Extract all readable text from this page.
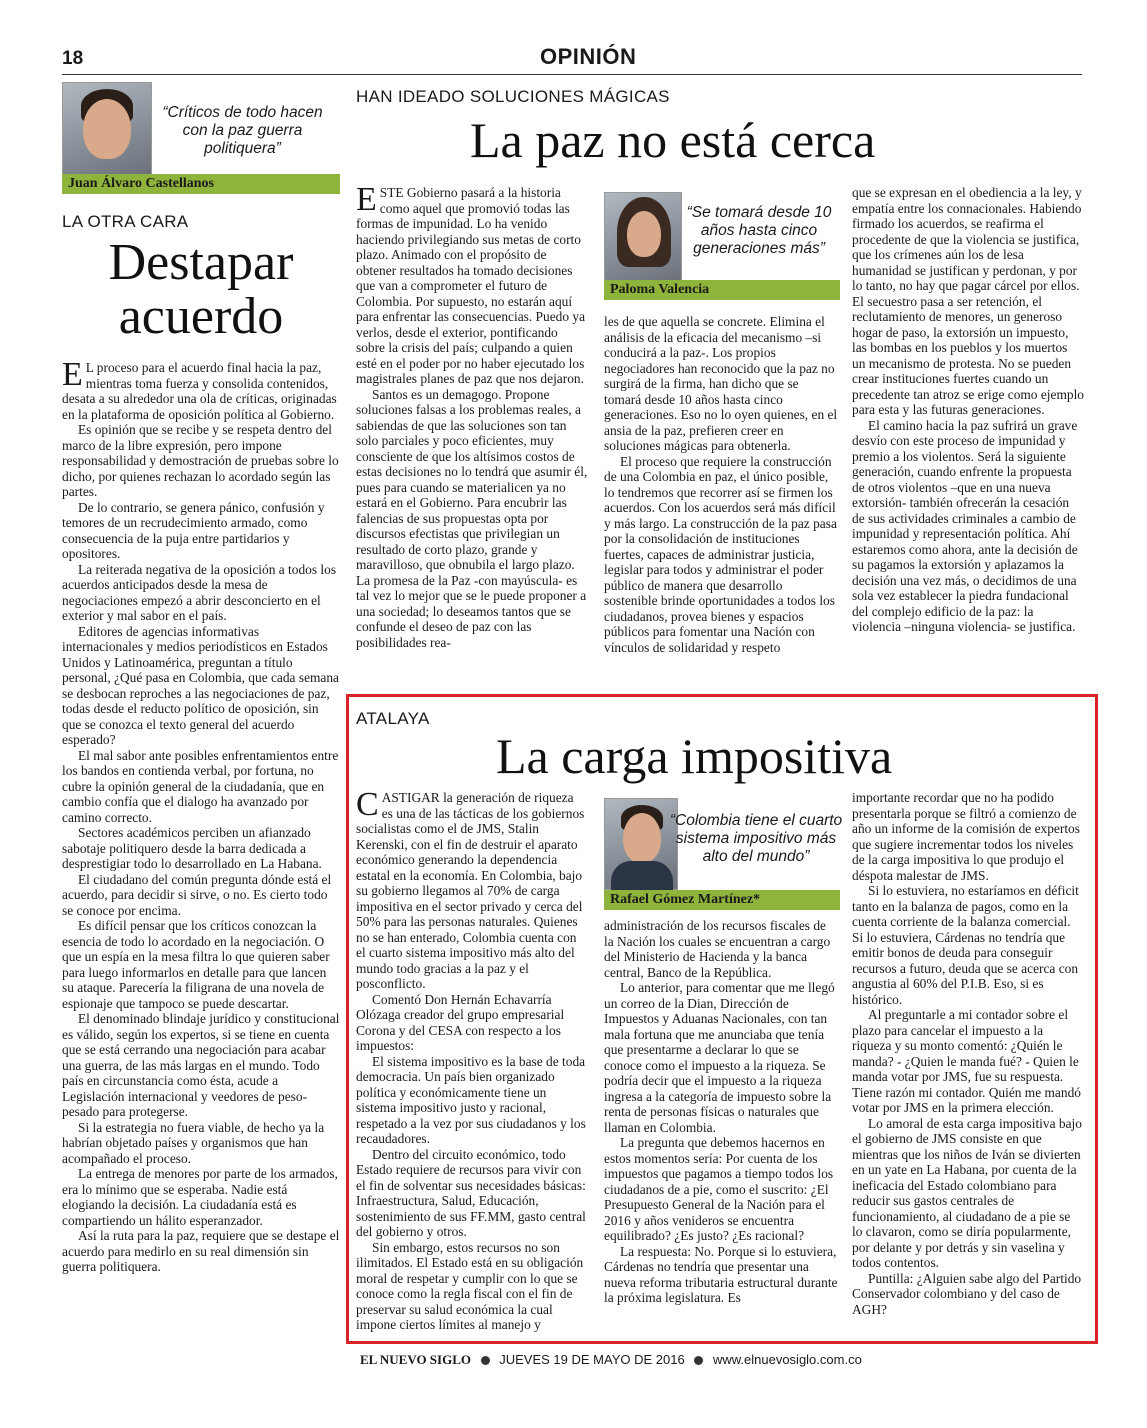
18	OPINIÓN
“Críticos de todo hacen con la paz guerra politiquera”
Juan Álvaro Castellanos
LA OTRA CARA
Destapar
acuerdo

E L proceso para el acuerdo final hacia la paz, mientras toma fuerza y consolida contenidos, desata a su alrededor una ola de críticas, originadas en la plataforma de oposición política al Gobierno.

Es opinión que se recibe y se respeta dentro del marco de la libre expresión, pero impone responsabilidad y demostración de pruebas sobre lo dicho, por quienes rechazan lo acordado según las partes.

De lo contrario, se genera pánico, confusión y temores de un recrudecimiento armado, como consecuencia de la puja entre partidarios y opositores.

La reiterada negativa de la oposición a todos los acuerdos anticipados desde la mesa de negociaciones empezó a abrir desconcierto en el exterior y mal sabor en el país.

Editores de agencias informativas internacionales y medios periodísticos en Estados Unidos y Latinoamérica, preguntan a título personal, ¿Qué pasa en Colombia, que cada semana se desbocan reproches a las negociaciones de paz, todas desde el reducto político de oposición, sin que se conozca el texto general del acuerdo esperado?

El mal sabor ante posibles enfrentamientos entre los bandos en contienda verbal, por fortuna, no cubre la opinión general de la ciudadanía, que en cambio confía que el dialogo ha avanzado por camino correcto.

Sectores académicos perciben un afianzado sabotaje politiquero desde la barra dedicada a desprestigiar todo lo desarrollado en La Habana.

El ciudadano del común pregunta dónde está el acuerdo, para decidir si sirve, o no. Es cierto todo se conoce por encima.

Es difícil pensar que los críticos conozcan la esencia de todo lo acordado en la negociación. O que un espía en la mesa filtra lo que quieren saber para luego informarlos en detalle para que lancen su ataque. Parecería la filigrana de una novela de espionaje que tampoco se puede descartar.

El denominado blindaje jurídico y constitucional es válido, según los expertos, si se tiene en cuenta que se está cerrando una negociación para acabar una guerra, de las más largas en el mundo. Todo país en circunstancia como ésta, acude a Legislación internacional y veedores de peso- pesado para protegerse.

Si la estrategia no fuera viable, de hecho ya la habrían objetado países y organismos que han acompañado el proceso.

La entrega de menores por parte de los armados, era lo mínimo que se esperaba. Nadie está elogiando la decisión. La ciudadanía está es compartiendo un hálito esperanzador.

Así la ruta para la paz, requiere que se destape el acuerdo para medirlo en su real dimensión sin guerra politiquera.

HAN IDEADO SOLUCIONES MÁGICAS
La paz no está cerca

ESTE Gobierno pasará a la historia como aquel que promovió todas las formas de impunidad. Lo ha venido haciendo privilegiando sus metas de corto plazo. Animado con el propósito de obtener resultados ha tomado decisiones que van a comprometer el futuro de Colombia. Por supuesto, no estarán aquí para enfrentar las consecuencias. Puedo ya verlos, desde el exterior, pontificando sobre la crisis del país; culpando a quien esté en el poder por no haber ejecutado los magistrales planes de paz que nos dejaron.

Santos es un demagogo. Propone soluciones falsas a los problemas reales, a sabiendas de que las soluciones son tan solo parciales y poco eficientes, muy consciente de que los altísimos costos de estas decisiones no lo tendrá que asumir él, pues para cuando se materialicen ya no estará en el Gobierno. Para encubrir las falencias de sus propuestas opta por discursos efectistas que privilegian un resultado de corto plazo, grande y maravilloso, que obnubila el largo plazo. La promesa de la Paz -con mayúscula- es tal vez lo mejor que se le puede proponer a una sociedad; lo deseamos tantos que se confunde el deseo de paz con las posibilidades rea-

“Se tomará desde 10 años hasta cinco generaciones más”
Paloma Valencia

les de que aquella se concrete. Elimina el análisis de la eficacia del mecanismo –si conducirá a la paz-. Los propios negociadores han reconocido que la paz no surgirá de la firma, han dicho que se tomará desde 10 años hasta cinco generaciones. Eso no lo oyen quienes, en el ansia de la paz, prefieren creer en soluciones mágicas para obtenerla.

El proceso que requiere la construcción de una Colombia en paz, el único posible, lo tendremos que recorrer así se firmen los acuerdos. Con los acuerdos será más difícil y más largo. La construcción de la paz pasa por la consolidación de instituciones fuertes, capaces de administrar justicia, legislar para todos y administrar el poder público de manera que desarrollo sostenible brinde oportunidades a todos los ciudadanos, provea bienes y espacios públicos para fomentar una Nación con vínculos de solidaridad y respeto

que se expresan en el obediencia a la ley, y empatía entre los connacionales. Habiendo firmado los acuerdos, se reafirma el procedente de que la violencia se justifica, que los crímenes aún los de lesa humanidad se justifican y perdonan, y por lo tanto, no hay que pagar cárcel por ellos. El secuestro pasa a ser retención, el reclutamiento de menores, un generoso hogar de paso, la extorsión un impuesto, las bombas en los pueblos y los muertos un mecanismo de protesta. No se pueden crear instituciones fuertes cuando un precedente tan atroz se erige como ejemplo para esta y las futuras generaciones.

El camino hacia la paz sufrirá un grave desvío con este proceso de impunidad y premio a los violentos. Será la siguiente generación, cuando enfrente la propuesta de otros violentos –que en una nueva extorsión- también ofrecerán la cesación de sus actividades criminales a cambio de impunidad y representación política. Ahí estaremos como ahora, ante la decisión de su pagamos la extorsión y aplazamos la decisión una vez más, o decidimos de una sola vez establecer la piedra fundacional del complejo edificio de la paz: la violencia –ninguna violencia- se justifica.

ATALAYA
La carga impositiva

CASTIGAR la generación de riqueza es una de las tácticas de los gobiernos socialistas como el de JMS, Stalin Kerenski, con el fin de destruir el aparato económico generando la dependencia estatal en la economía. En Colombia, bajo su gobierno llegamos al 70% de carga impositiva en el sector privado y cerca del 50% para las personas naturales. Quienes no se han enterado, Colombia cuenta con el cuarto sistema impositivo más alto del mundo todo gracias a la paz y el posconflicto.

Comentó Don Hernán Echavarría Olózaga creador del grupo empresarial Corona y del CESA con respecto a los impuestos:

El sistema impositivo es la base de toda democracia. Un país bien organizado política y económicamente tiene un sistema impositivo justo y racional, respetado a la vez por sus ciudadanos y los recaudadores.

Dentro del circuito económico, todo Estado requiere de recursos para vivir con el fin de solventar sus necesidades básicas: Infraestructura, Salud, Educación, sostenimiento de sus FF.MM, gasto central del gobierno y otros.

Sin embargo, estos recursos no son ilimitados. El Estado está en su obligación moral de respetar y cumplir con lo que se conoce como la regla fiscal con el fin de preservar su salud económica la cual impone ciertos límites al manejo y

“Colombia tiene el cuarto sistema impositivo más alto del mundo”
Rafael Gómez Martínez*

administración de los recursos fiscales de la Nación los cuales se encuentran a cargo del Ministerio de Hacienda y la banca central, Banco de la República.

Lo anterior, para comentar que me llegó un correo de la Dian, Dirección de Impuestos y Aduanas Nacionales, con tan mala fortuna que me anunciaba que tenía que presentarme a declarar lo que se conoce como el impuesto a la riqueza. Se podría decir que el impuesto a la riqueza ingresa a la categoría de impuesto sobre la renta de personas físicas o naturales que llaman en Colombia.

La pregunta que debemos hacernos en estos momentos sería: Por cuenta de los impuestos que pagamos a tiempo todos los ciudadanos de a pie, como el suscrito: ¿El Presupuesto General de la Nación para el 2016 y años venideros se encuentra equilibrado? ¿Es justo? ¿Es racional?

La respuesta: No. Porque si lo estuviera, Cárdenas no tendría que presentar una nueva reforma tributaria estructural durante la próxima legislatura. Es

importante recordar que no ha podido presentarla porque se filtró a comienzo de año un informe de la comisión de expertos que sugiere incrementar todos los niveles de la carga impositiva lo que produjo el déspota malestar de JMS.

Si lo estuviera, no estaríamos en déficit tanto en la balanza de pagos, como en la cuenta corriente de la balanza comercial. Si lo estuviera, Cárdenas no tendría que emitir bonos de deuda para conseguir recursos a futuro, deuda que se acerca con angustia al 60% del P.I.B. Eso, si es histórico.

Al preguntarle a mi contador sobre el plazo para cancelar el impuesto a la riqueza y su monto comentó: ¿Quién le manda? - ¿Quien le manda fué? - Quien le manda votar por JMS, fue su respuesta. Tiene razón mi contador. Quién me mandó votar por JMS en la primera elección.

Lo amoral de esta carga impositiva bajo el gobierno de JMS consiste en que mientras que los niños de Iván se divierten en un yate en La Habana, por cuenta de la ineficacia del Estado colombiano para reducir sus gastos centrales de funcionamiento, al ciudadano de a pie se lo clavaron, como se diría popularmente, por delante y por detrás y sin vaselina y todos contentos.

Puntilla: ¿Alguien sabe algo del Partido Conservador colombiano y del caso de AGH?

EL NUEVO SIGLO JUEVES 19 DE MAYO DE 2016 www.elnuevosiglo.com.co
